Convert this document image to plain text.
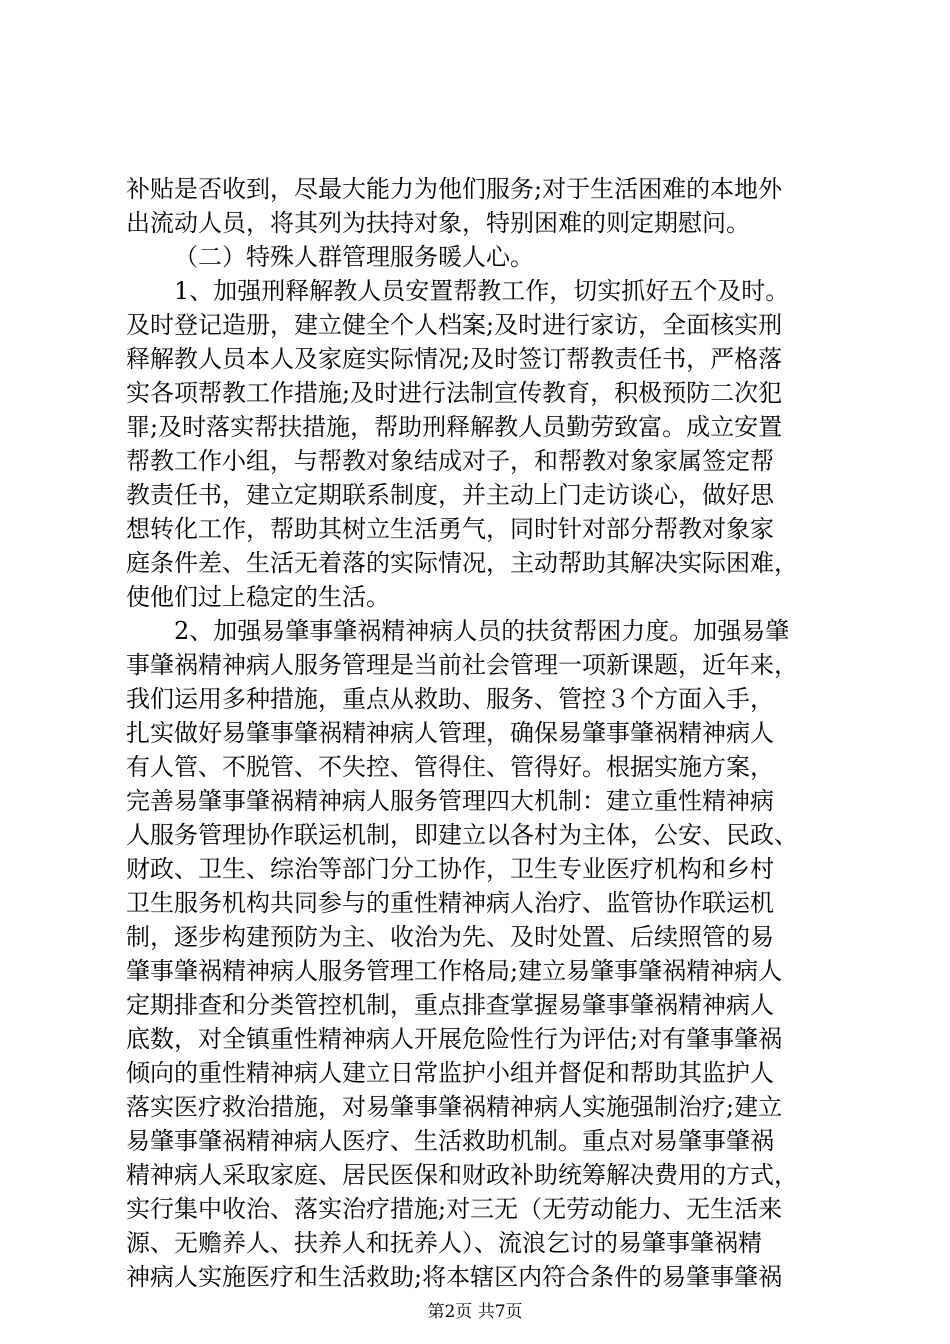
补贴是否收到，尽最大能力为他们服务;对于生活困难的本地外
出流动人员，将其列为扶持对象，特别困难的则定期慰问。
（二）特殊人群管理服务暖人心。
1、加强刑释解教人员安置帮教工作，切实抓好五个及时。
及时登记造册，建立健全个人档案;及时进行家访，全面核实刑
释解教人员本人及家庭实际情况;及时签订帮教责任书，严格落
实各项帮教工作措施;及时进行法制宣传教育，积极预防二次犯
罪;及时落实帮扶措施，帮助刑释解教人员勤劳致富。成立安置
帮教工作小组，与帮教对象结成对子，和帮教对象家属签定帮
教责任书，建立定期联系制度，并主动上门走访谈心，做好思
想转化工作，帮助其树立生活勇气，同时针对部分帮教对象家
庭条件差、生活无着落的实际情况，主动帮助其解决实际困难，
使他们过上稳定的生活。
2、加强易肇事肇祸精神病人员的扶贫帮困力度。加强易肇
事肇祸精神病人服务管理是当前社会管理一项新课题，近年来，
我们运用多种措施，重点从救助、服务、管控３个方面入手，
扎实做好易肇事肇祸精神病人管理，确保易肇事肇祸精神病人
有人管、不脱管、不失控、管得住、管得好。根据实施方案，
完善易肇事肇祸精神病人服务管理四大机制：建立重性精神病
人服务管理协作联运机制，即建立以各村为主体，公安、民政、
财政、卫生、综治等部门分工协作，卫生专业医疗机构和乡村
卫生服务机构共同参与的重性精神病人治疗、监管协作联运机
制，逐步构建预防为主、收治为先、及时处置、后续照管的易
肇事肇祸精神病人服务管理工作格局;建立易肇事肇祸精神病人
定期排查和分类管控机制，重点排查掌握易肇事肇祸精神病人
底数，对全镇重性精神病人开展危险性行为评估;对有肇事肇祸
倾向的重性精神病人建立日常监护小组并督促和帮助其监护人
落实医疗救治措施，对易肇事肇祸精神病人实施强制治疗;建立
易肇事肇祸精神病人医疗、生活救助机制。重点对易肇事肇祸
精神病人采取家庭、居民医保和财政补助统筹解决费用的方式，
实行集中收治、落实治疗措施;对三无（无劳动能力、无生活来
源、无赡养人、扶养人和抚养人）、流浪乞讨的易肇事肇祸精
神病人实施医疗和生活救助;将本辖区内符合条件的易肇事肇祸
第2页 共7页
